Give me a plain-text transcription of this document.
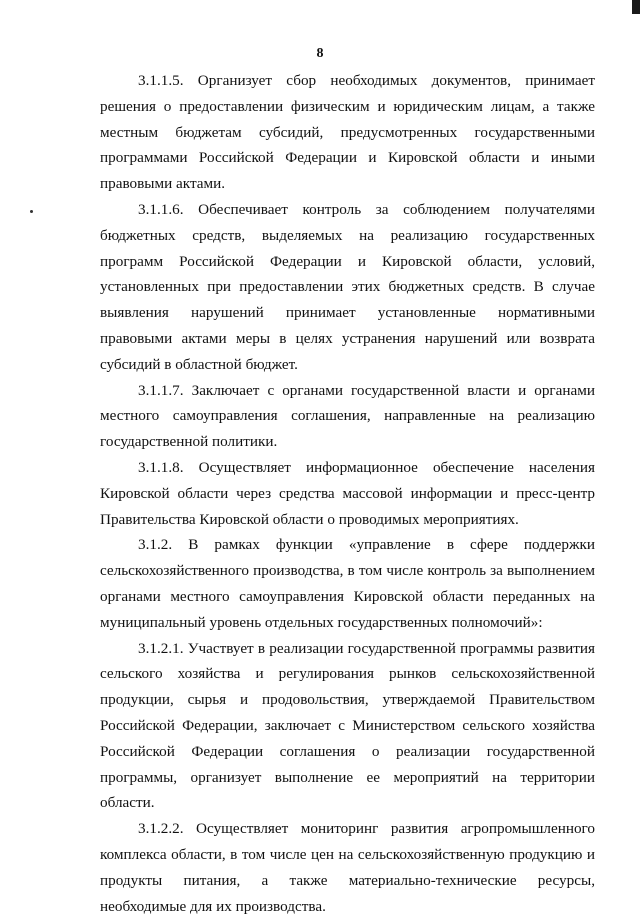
8

3.1.1.5. Организует сбор необходимых документов, принимает решения о предоставлении физическим и юридическим лицам, а также местным бюджетам субсидий, предусмотренных государственными программами Российской Федерации и Кировской области и иными правовыми актами.

3.1.1.6. Обеспечивает контроль за соблюдением получателями бюджетных средств, выделяемых на реализацию государственных программ Российской Федерации и Кировской области, условий, установленных при предоставлении этих бюджетных средств. В случае выявления нарушений принимает установленные нормативными правовыми актами меры в целях устранения нарушений или возврата субсидий в областной бюджет.

3.1.1.7. Заключает с органами государственной власти и органами местного самоуправления соглашения, направленные на реализацию государственной политики.

3.1.1.8. Осуществляет информационное обеспечение населения Кировской области через средства массовой информации и пресс-центр Правительства Кировской области о проводимых мероприятиях.

3.1.2. В рамках функции «управление в сфере поддержки сельскохозяйственного производства, в том числе контроль за выполнением органами местного самоуправления Кировской области переданных на муниципальный уровень отдельных государственных полномочий»:

3.1.2.1. Участвует в реализации государственной программы развития сельского хозяйства и регулирования рынков сельскохозяйственной продукции, сырья и продовольствия, утверждаемой Правительством Российской Федерации, заключает с Министерством сельского хозяйства Российской Федерации соглашения о реализации государственной программы, организует выполнение ее мероприятий на территории области.

3.1.2.2. Осуществляет мониторинг развития агропромышленного комплекса области, в том числе цен на сельскохозяйственную продукцию и продукты питания, а также материально-технические ресурсы, необходимые для их производства.
